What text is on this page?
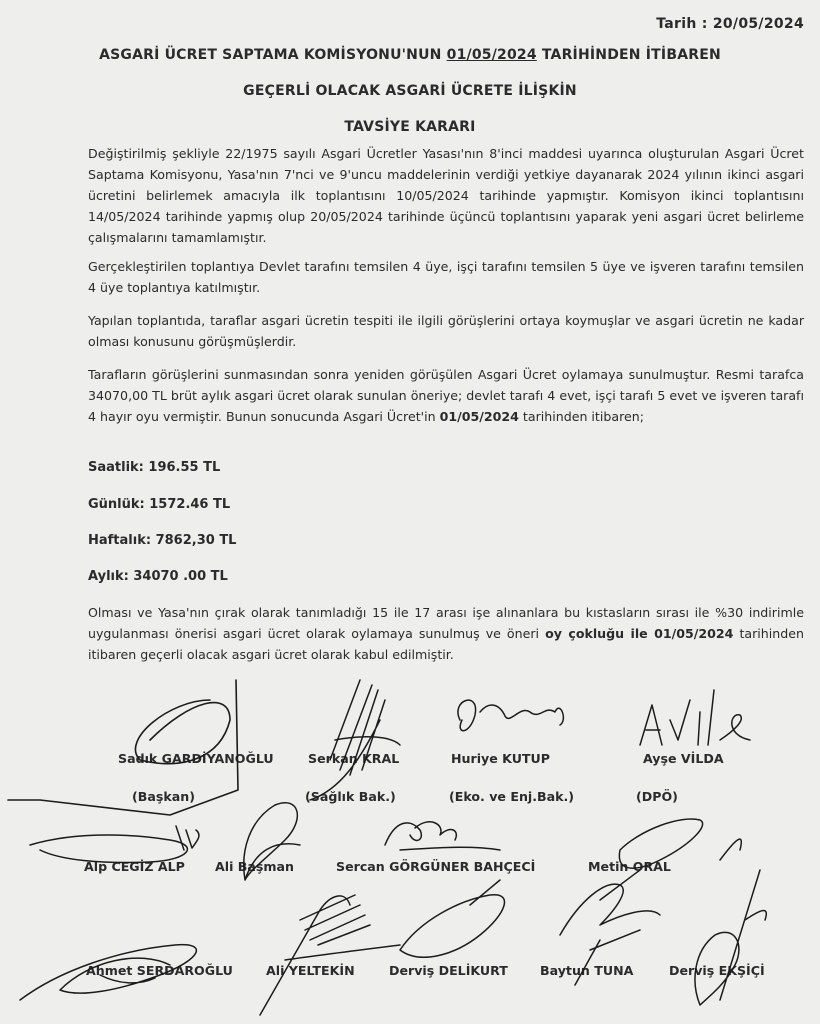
Tarih : 20/05/2024
ASGARİ ÜCRET SAPTAMA KOMİSYONU'NUN 01/05/2024 TARİHİNDEN İTİBAREN
GEÇERLİ OLACAK ASGARİ ÜCRETE İLİŞKİN
TAVSİYE KARARI
Değiştirilmiş şekliyle 22/1975 sayılı Asgari Ücretler Yasası'nın 8'inci maddesi uyarınca oluşturulan Asgari Ücret Saptama Komisyonu, Yasa'nın 7'nci ve 9'uncu maddelerinin verdiği yetkiye dayanarak 2024 yılının ikinci asgari ücretini belirlemek amacıyla ilk toplantısını 10/05/2024 tarihinde yapmıştır. Komisyon ikinci toplantısını 14/05/2024 tarihinde yapmış olup 20/05/2024 tarihinde üçüncü toplantısını yaparak yeni asgari ücret belirleme çalışmalarını tamamlamıştır.
Gerçekleştirilen toplantıya Devlet tarafını temsilen 4 üye, işçi tarafını temsilen 5 üye ve işveren tarafını temsilen 4 üye toplantıya katılmıştır.
Yapılan toplantıda, taraflar asgari ücretin tespiti ile ilgili görüşlerini ortaya koymuşlar ve asgari ücretin ne kadar olması konusunu görüşmüşlerdir.
Tarafların görüşlerini sunmasından sonra yeniden görüşülen Asgari Ücret oylamaya sunulmuştur. Resmi tarafca 34070,00 TL brüt aylık asgari ücret olarak sunulan öneriye; devlet tarafı 4 evet, işçi tarafı 5 evet ve işveren tarafı 4 hayır oyu vermiştir. Bunun sonucunda Asgari Ücret'in 01/05/2024 tarihinden itibaren;
Saatlik: 196.55 TL
Günlük: 1572.46 TL
Haftalık: 7862,30 TL
Aylık: 34070 .00 TL
Olması ve Yasa'nın çırak olarak tanımladığı 15 ile 17 arası işe alınanlara bu kıstasların sırası ile %30 indirimle uygulanması önerisi asgari ücret olarak oylamaya sunulmuş ve öneri oy çokluğu ile 01/05/2024 tarihinden itibaren geçerli olacak asgari ücret olarak kabul edilmiştir.
Sadık GARDİYANOĞLU
(Başkan)
Serkan KRAL
(Sağlık Bak.)
Huriye KUTUP
(Eko. ve Enj.Bak.)
Ayşe VİLDA
(DPÖ)
Alp CEGİZ ALP Ali Başman	Sercan GÖRGÜNER BAHÇECİ	Metin ORAL
Ahmet SERDAROĞLU	Ali YELTEKİN	Derviş DELİKURT	Baytun TUNA	Derviş EKŞİÇİ
